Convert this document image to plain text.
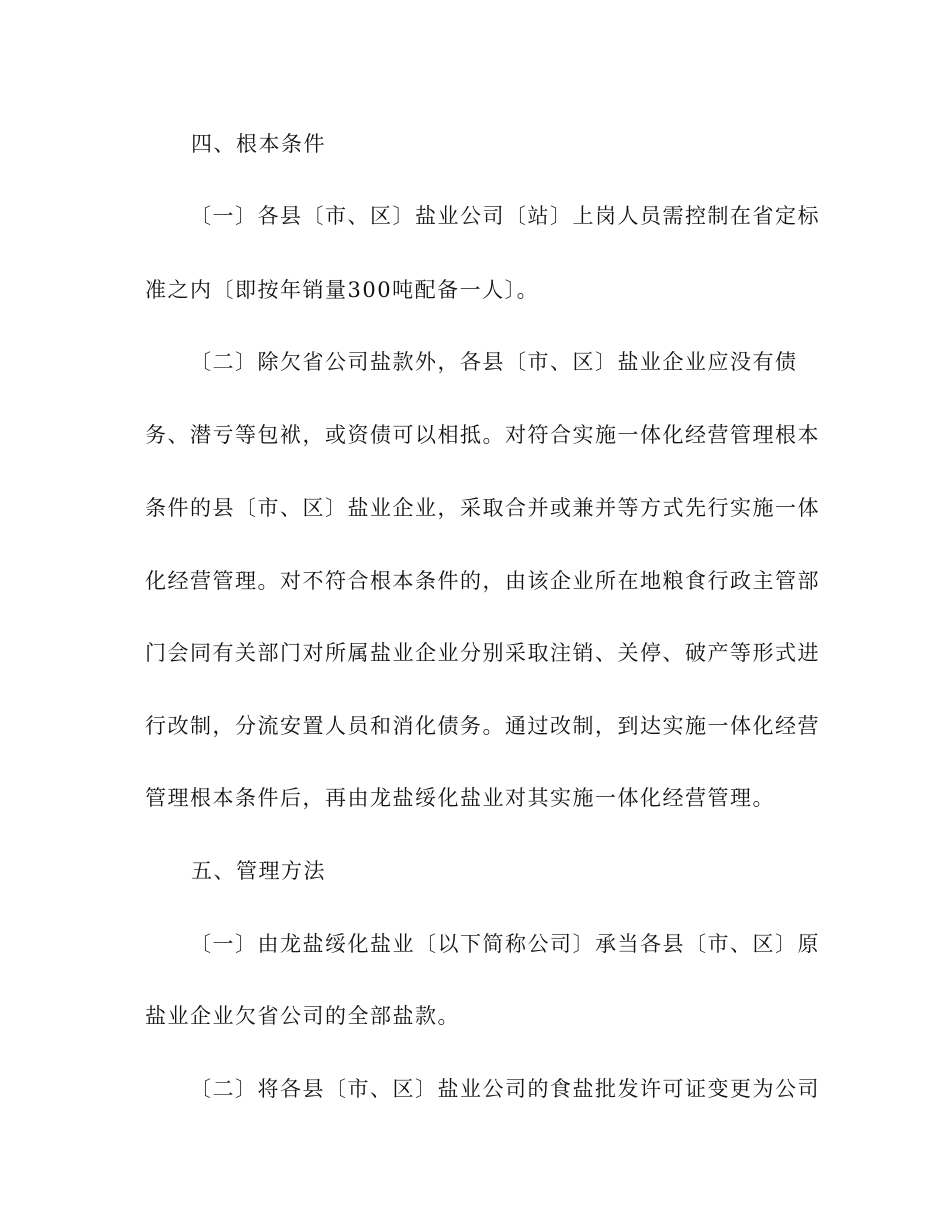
四、根本条件
〔一〕各县〔市、区〕盐业公司〔站〕上岗人员需控制在省定标
准之内〔即按年销量300吨配备一人〕。
〔二〕除欠省公司盐款外，各县〔市、区〕盐业企业应没有债
务、潜亏等包袱，或资债可以相抵。对符合实施一体化经营管理根本
条件的县〔市、区〕盐业企业，采取合并或兼并等方式先行实施一体
化经营管理。对不符合根本条件的，由该企业所在地粮食行政主管部
门会同有关部门对所属盐业企业分别采取注销、关停、破产等形式进
行改制，分流安置人员和消化债务。通过改制，到达实施一体化经营
管理根本条件后，再由龙盐绥化盐业对其实施一体化经营管理。
五、管理方法
〔一〕由龙盐绥化盐业〔以下简称公司〕承当各县〔市、区〕原
盐业企业欠省公司的全部盐款。
〔二〕将各县〔市、区〕盐业公司的食盐批发许可证变更为公司
